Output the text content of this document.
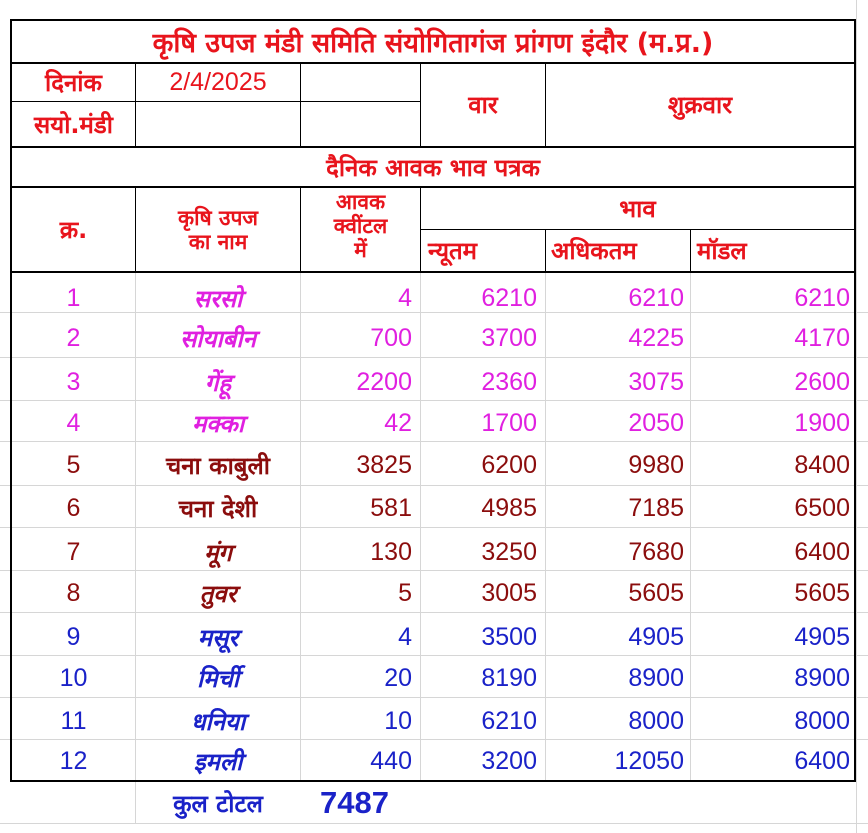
कृषि उपज मंडी समिति संयोगितागंज प्रांगण इंदौर (म.प्र.)
दिनांक	2/4/2025
सयो.मंडी
वार	शुक्रवार
दैनिक आवक भाव पत्रक
क्र.	कृषि उपज
का नाम
आवक
क्वींटल
में
भाव
न्यूतम	अधिकतम	मॉडल
1	सरसो	4	6210	6210	6210
2	सोयाबीन	700	3700	4225	4170
3	गेंहू	2200	2360	3075	2600
4	मक्का	42	1700	2050	1900
5	चना काबुली	3825	6200	9980	8400
6	चना देशी	581	4985	7185	6500
7	मूंग	130	3250	7680	6400
8	तुवर	5	3005	5605	5605
9	मसूर	4	3500	4905	4905
10	मिर्ची	20	8190	8900	8900
11	धनिया	10	6210	8000	8000
12	इमली	440	3200	12050	6400
कुल टोटल	7487
